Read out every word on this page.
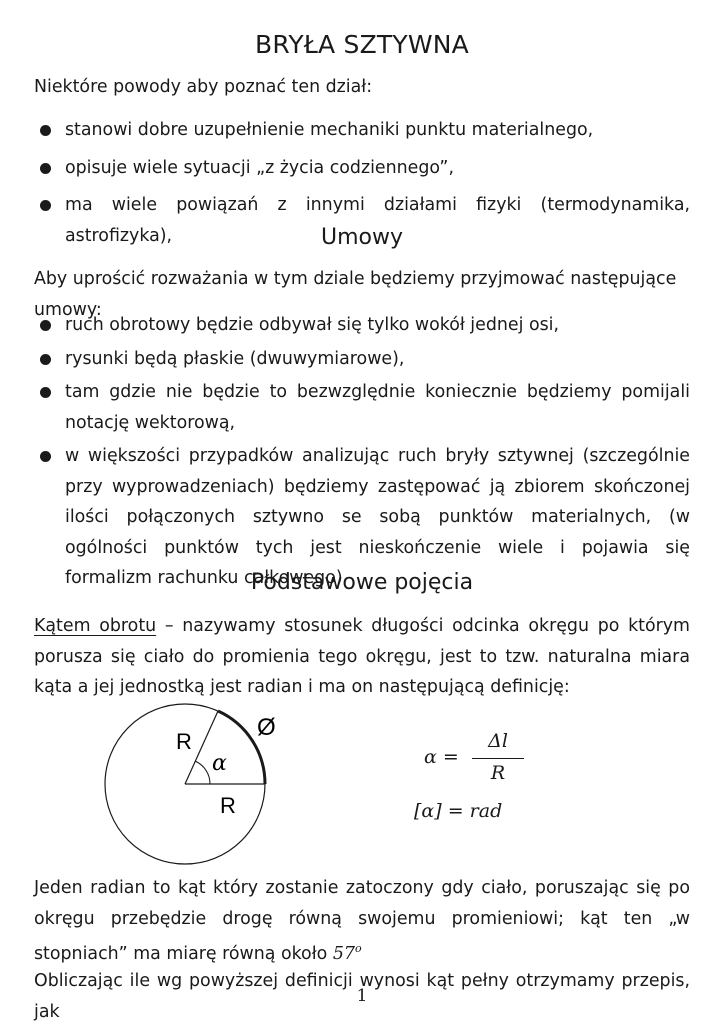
BRYŁA SZTYWNA

Niektóre powody aby poznać ten dział:

stanowi dobre uzupełnienie mechaniki punktu materialnego,
opisuje wiele sytuacji „z życia codziennego”,
ma wiele powiązań z innymi działami fizyki (termodynamika, astrofizyka),	Umowy

Aby uprościć rozważania w tym dziale będziemy przyjmować następujące umowy:

ruch obrotowy będzie odbywał się tylko wokół jednej osi,
rysunki będą płaskie (dwuwymiarowe),
tam gdzie nie będzie to bezwzględnie koniecznie będziemy pomijali notację wektorową,
w większości przypadków analizując ruch bryły sztywnej (szczególnie przy wyprowadzeniach) będziemy zastępować ją zbiorem skończonej ilości połączonych sztywno se sobą punktów materialnych, (w ogólności punktów tych jest nieskończenie wiele i pojawia się formalizm rachunku całkowego)
Podstawowe pojęcia

Kątem obrotu – nazywamy stosunek długości odcinka okręgu po którym porusza się ciało do promienia tego okręgu, jest to tzw. naturalna miara kąta a jej jednostką jest radian i ma on następującą definicję:

R
R
α
Ø
α =
Δl
R
[α] = rad

Jeden radian to kąt który zostanie zatoczony gdy ciało, poruszając się po okręgu przebędzie drogę równą swojemu promieniowi; kąt ten „w stopniach” ma miarę równą około 57$^o$

Obliczając ile wg powyższej definicji wynosi kąt pełny otrzymamy przepis, jak

1
